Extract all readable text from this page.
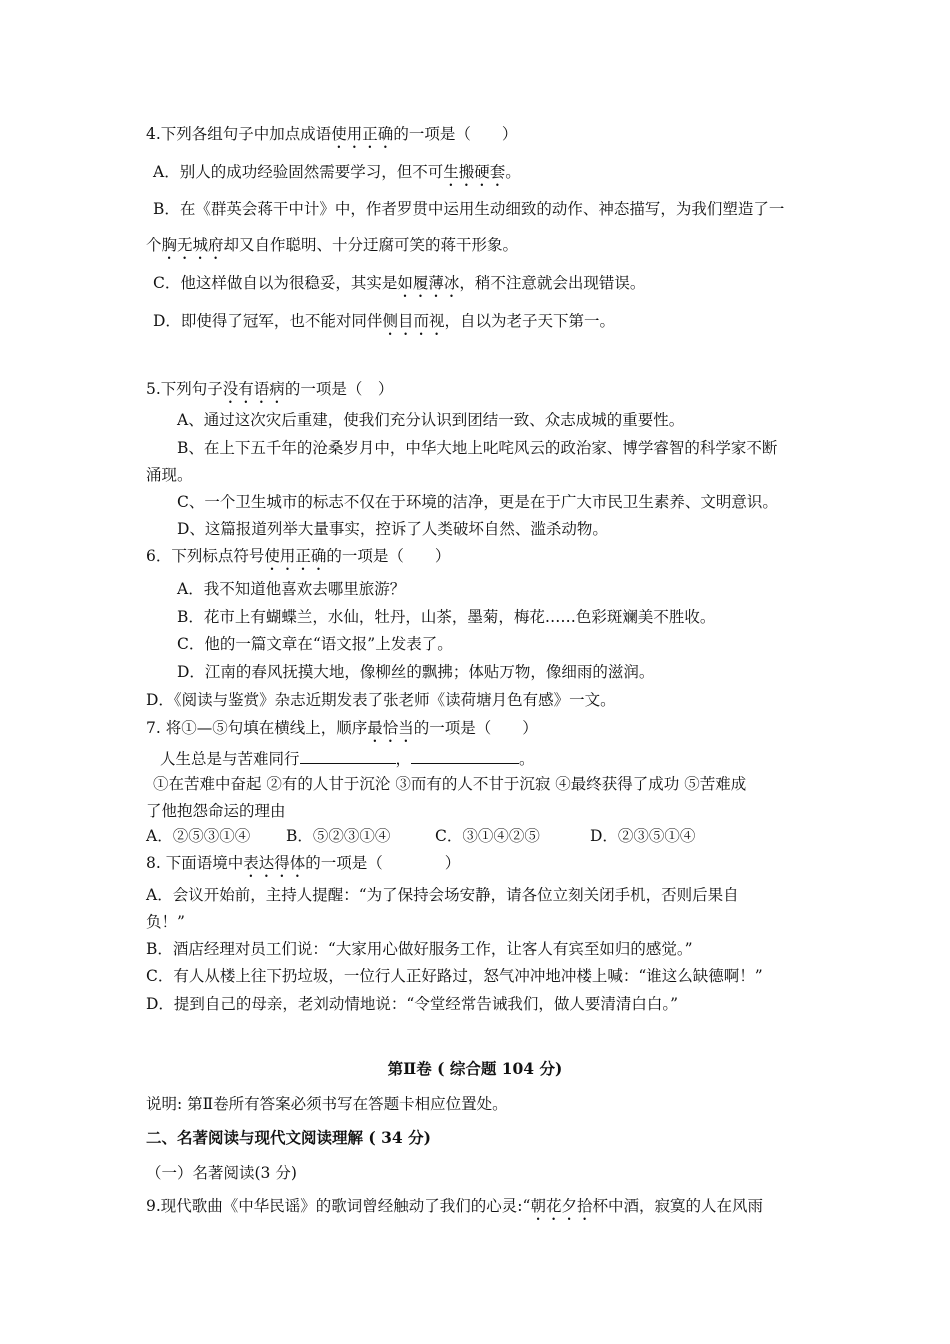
4.下列各组句子中加点成语使用正确的一项是（　　）
A．别人的成功经验固然需要学习，但不可生搬硬套。
B．在《群英会蒋干中计》中，作者罗贯中运用生动细致的动作、神态描写，为我们塑造了一
个胸无城府却又自作聪明、十分迂腐可笑的蒋干形象。
C．他这样做自以为很稳妥，其实是如履薄冰，稍不注意就会出现错误。
D．即使得了冠军，也不能对同伴侧目而视，自以为老子天下第一。
5.下列句子没有语病的一项是（　）
A、通过这次灾后重建，使我们充分认识到团结一致、众志成城的重要性。
B、在上下五千年的沧桑岁月中，中华大地上叱咤风云的政治家、博学睿智的科学家不断
涌现。
C、一个卫生城市的标志不仅在于环境的洁净，更是在于广大市民卫生素养、文明意识。
D、这篇报道列举大量事实，控诉了人类破坏自然、滥杀动物。
6．下列标点符号使用正确的一项是（　　）
A．我不知道他喜欢去哪里旅游？
B．花市上有蝴蝶兰，水仙，牡丹，山茶，墨菊，梅花……色彩斑斓美不胜收。
C．他的一篇文章在“语文报”上发表了。
D．江南的春风抚摸大地，像柳丝的飘拂；体贴万物，像细雨的滋润。
D．《阅读与鉴赏》杂志近期发表了张老师《读荷塘月色有感》一文。
7. 将①—⑤句填在横线上，顺序最恰当的一项是（　　）
人生总是与苦难同行	，	。
①在苦难中奋起 ②有的人甘于沉沦 ③而有的人不甘于沉寂 ④最终获得了成功 ⑤苦难成
了他抱怨命运的理由
A．②⑤③①④ B．⑤②③①④	C．③①④②⑤	D．②③⑤①④
8. 下面语境中表达得体的一项是（　　　　）
A．会议开始前，主持人提醒：“为了保持会场安静，请各位立刻关闭手机，否则后果自
负！”
B．酒店经理对员工们说：“大家用心做好服务工作，让客人有宾至如归的感觉。”
C．有人从楼上往下扔垃圾，一位行人正好路过，怒气冲冲地冲楼上喊：“谁这么缺德啊！”
D．提到自己的母亲，老刘动情地说：“令堂经常告诫我们，做人要清清白白。”
第Ⅱ卷 ( 综合题 104 分)
说明: 第Ⅱ卷所有答案必须书写在答题卡相应位置处。
二、名著阅读与现代文阅读理解 ( 34 分)
（一）名著阅读(3 分)
9.现代歌曲《中华民谣》的歌词曾经触动了我们的心灵:“朝花夕拾杯中酒，寂寞的人在风雨
